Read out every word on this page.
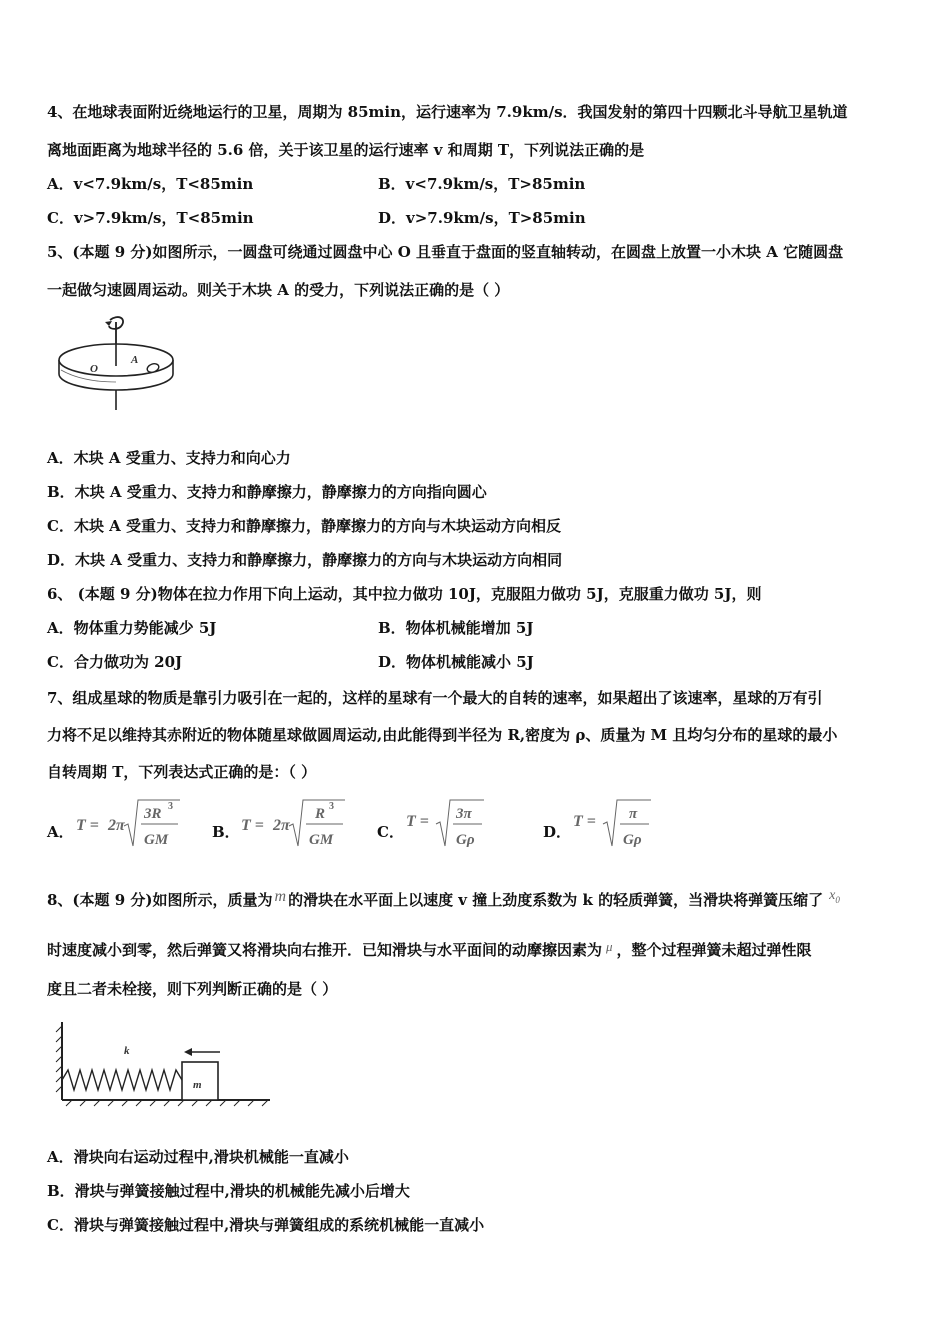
4、在地球表面附近绕地运行的卫星，周期为 85min，运行速率为 7.9km/s．我国发射的第四十四颗北斗导航卫星轨道
离地面距离为地球半径的 5.6 倍，关于该卫星的运行速率 v 和周期 T，下列说法正确的是
A．v<7.9km/s，T<85min	B．v<7.9km/s，T>85min
C．v>7.9km/s，T<85min	D．v>7.9km/s，T>85min
5、(本题 9 分)如图所示，一圆盘可绕通过圆盘中心 O 且垂直于盘面的竖直轴转动，在圆盘上放置一小木块 A 它随圆盘
一起做匀速圆周运动。则关于木块 A 的受力，下列说法正确的是（ ）
O
A
A．木块 A 受重力、支持力和向心力
B．木块 A 受重力、支持力和静摩擦力，静摩擦力的方向指向圆心
C．木块 A 受重力、支持力和静摩擦力，静摩擦力的方向与木块运动方向相反
D．木块 A 受重力、支持力和静摩擦力，静摩擦力的方向与木块运动方向相同
6、 (本题 9 分)物体在拉力作用下向上运动，其中拉力做功 10J，克服阻力做功 5J，克服重力做功 5J，则
A．物体重力势能减少 5J	B．物体机械能增加 5J
C．合力做功为 20J	D．物体机械能减小 5J
7、组成星球的物质是靠引力吸引在一起的，这样的星球有一个最大的自转的速率，如果超出了该速率，星球的万有引
力将不足以维持其赤附近的物体随星球做圆周运动,由此能得到半径为 R,密度为 ρ、质量为 M 且均匀分布的星球的最小
自转周期 T，下列表达式正确的是：（ ）
A． T = 2π
3R 3
GM	B． T = 2π
R 3
GM	C．
T = 3π
Gρ	D．
T = π
Gρ
8、(本题 9 分)如图所示，质量为 m 的滑块在水平面上以速度 v 撞上劲度系数为 k 的轻质弹簧，当滑块将弹簧压缩了 $x_0$
时速度减小到零，然后弹簧又将滑块向右推开．已知滑块与水平面间的动摩擦因素为 μ ，整个过程弹簧未超过弹性限
度且二者未栓接，则下列判断正确的是（ ）
m
k
A．滑块向右运动过程中,滑块机械能一直减小
B．滑块与弹簧接触过程中,滑块的机械能先减小后增大
C．滑块与弹簧接触过程中,滑块与弹簧组成的系统机械能一直减小
